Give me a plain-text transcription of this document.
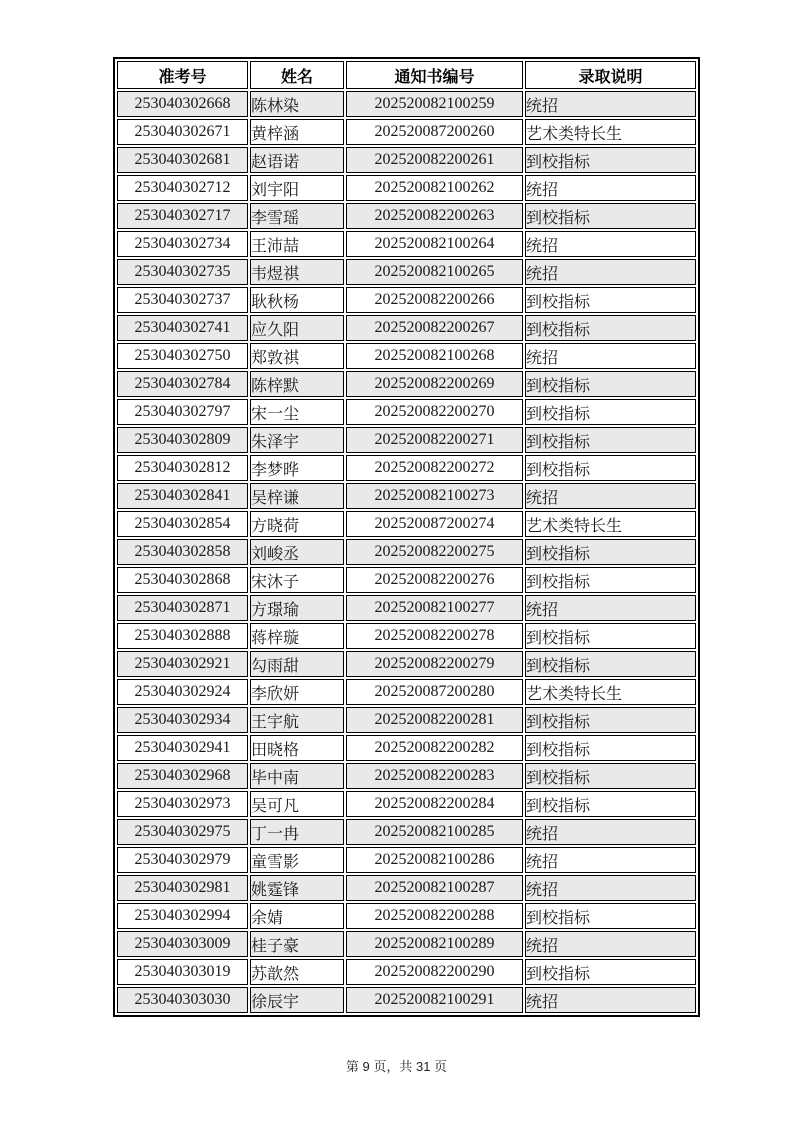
准考号	姓名	通知书编号	录取说明
253040302668	陈林染	202520082100259	统招
253040302671	黄梓涵	202520087200260	艺术类特长生
253040302681	赵语诺	202520082200261	到校指标
253040302712	刘宇阳	202520082100262	统招
253040302717	李雪瑶	202520082200263	到校指标
253040302734	王沛喆	202520082100264	统招
253040302735	韦煜祺	202520082100265	统招
253040302737	耿秋杨	202520082200266	到校指标
253040302741	应久阳	202520082200267	到校指标
253040302750	郑敦祺	202520082100268	统招
253040302784	陈梓默	202520082200269	到校指标
253040302797	宋一尘	202520082200270	到校指标
253040302809	朱泽宇	202520082200271	到校指标
253040302812	李梦晔	202520082200272	到校指标
253040302841	吴梓谦	202520082100273	统招
253040302854	方晓荷	202520087200274	艺术类特长生
253040302858	刘峻丞	202520082200275	到校指标
253040302868	宋沐子	202520082200276	到校指标
253040302871	方璟瑜	202520082100277	统招
253040302888	蒋梓璇	202520082200278	到校指标
253040302921	勾雨甜	202520082200279	到校指标
253040302924	李欣妍	202520087200280	艺术类特长生
253040302934	王宇航	202520082200281	到校指标
253040302941	田晓格	202520082200282	到校指标
253040302968	毕中南	202520082200283	到校指标
253040302973	吴可凡	202520082200284	到校指标
253040302975	丁一冉	202520082100285	统招
253040302979	童雪影	202520082100286	统招
253040302981	姚霆锋	202520082100287	统招
253040302994	余婧	202520082200288	到校指标
253040303009	桂子豪	202520082100289	统招
253040303019	苏歆然	202520082200290	到校指标
253040303030	徐辰宇	202520082100291	统招
第 9 页，共 31 页
